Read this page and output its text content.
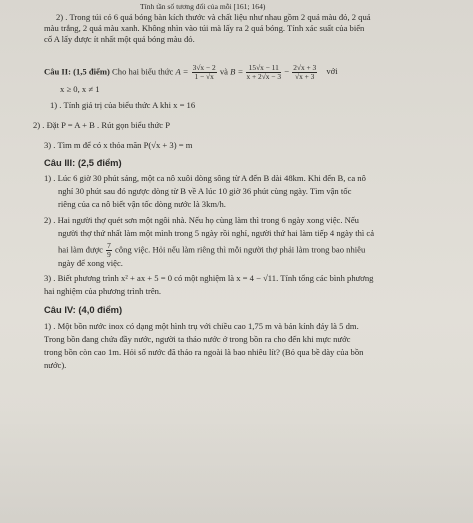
Tính tần số tương đối của mỗi [161; 164)
2) . Trong túi có 6 quả bóng bàn kích thước và chất liệu như nhau gồm 2 quả màu đỏ, 2 quả
màu trắng, 2 quả màu xanh. Không nhìn vào túi mà lấy ra 2 quả bóng. Tính xác suất của biến
cố A lấy được ít nhất một quả bóng màu đỏ.
Câu II: (1,5 điểm) Cho hai biểu thức $A = \frac{3√x - 2}{1 - √x}$ và $B = \frac{15√x - 11}{x + 2√x - 3} - \frac{2√x + 3}{√x + 3}$ với
x ≥ 0, x ≠ 1
1) . Tính giá trị của biểu thức A khi x = 16
2) . Đặt P = A + B . Rút gọn biểu thức P
3) . Tìm m để có x thỏa mãn P(√x + 3) = m
Câu III: (2,5 điểm)
1) . Lúc 6 giờ 30 phút sáng, một ca nô xuôi dòng sông từ A đến B dài 48km. Khi đến B, ca nô
nghỉ 30 phút sau đó ngược dòng từ B về A lúc 10 giờ 36 phút cùng ngày. Tìm vận tốc
riêng của ca nô biết vận tốc dòng nước là 3km/h.
2) . Hai người thợ quét sơn một ngôi nhà. Nếu họ cùng làm thì trong 6 ngày xong việc. Nếu
người thợ thứ nhất làm một mình trong 5 ngày rồi nghỉ, người thứ hai làm tiếp 4 ngày thì cả
hai làm được $\frac{7}{9}$ công việc. Hỏi nếu làm riêng thì mỗi người thợ phải làm trong bao nhiêu
ngày để xong việc.
3) . Biết phương trình x² + ax + 5 = 0 có một nghiệm là x = 4 − √11. Tính tổng các bình phương
hai nghiệm của phương trình trên.
Câu IV: (4,0 điểm)
1) . Một bồn nước inox có dạng một hình trụ với chiều cao 1,75 m và bán kính đáy là 5 dm.
Trong bồn đang chứa đầy nước, người ta tháo nước ở trong bồn ra cho đến khi mực nước
trong bồn còn cao 1m. Hỏi số nước đã tháo ra ngoài là bao nhiêu lít? (Bỏ qua bề dày của bồn
nước).
